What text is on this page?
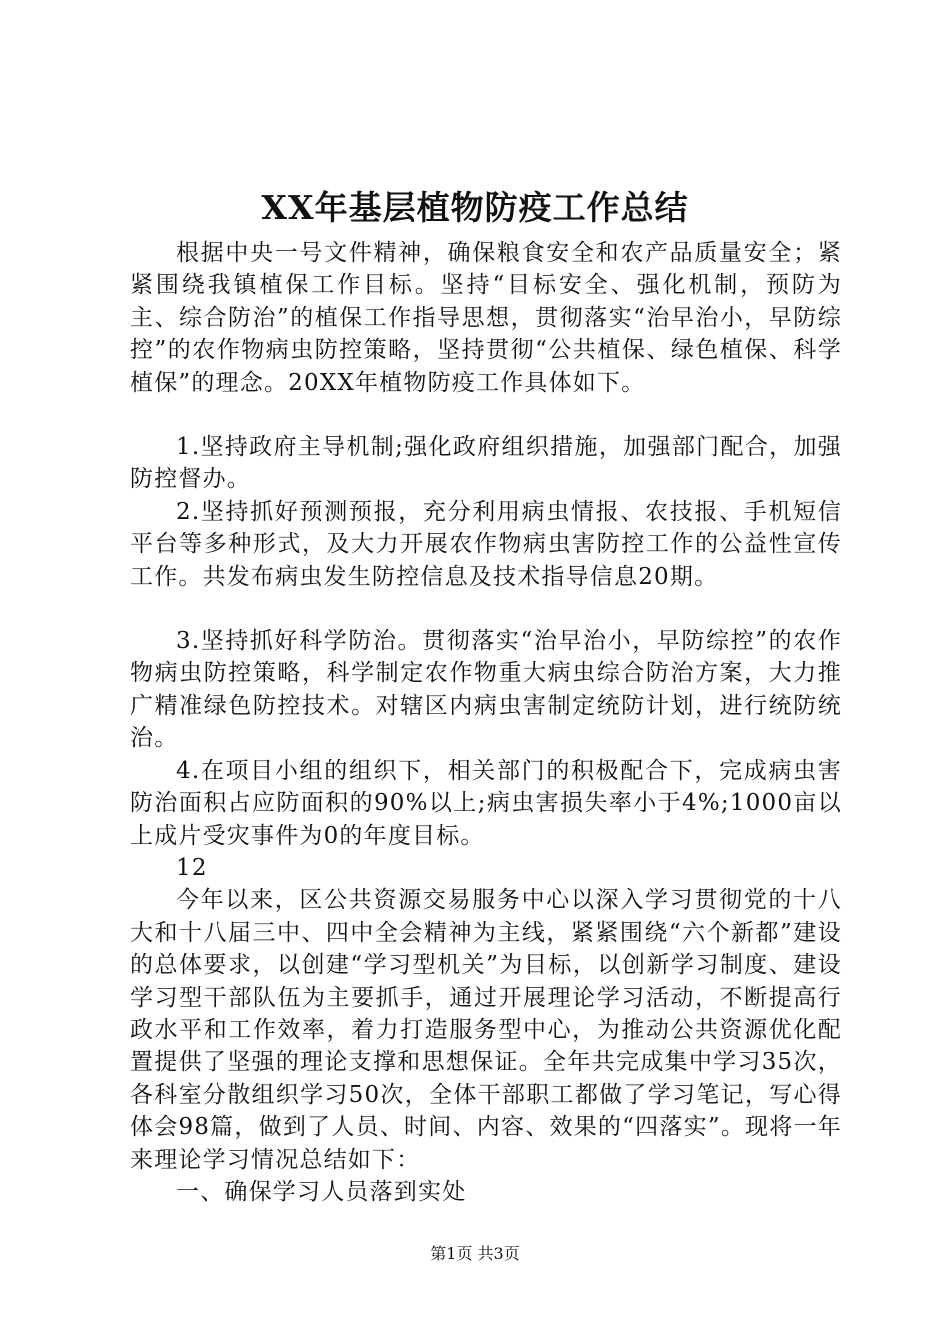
XX年基层植物防疫工作总结

根据中央一号文件精神，确保粮食安全和农产品质量安全；紧紧围绕我镇植保工作目标。坚持“目标安全、强化机制，预防为主、综合防治”的植保工作指导思想，贯彻落实“治早治小，早防综控”的农作物病虫防控策略，坚持贯彻“公共植保、绿色植保、科学植保”的理念。20XX年植物防疫工作具体如下。

1.坚持政府主导机制;强化政府组织措施，加强部门配合，加强防控督办。

2.坚持抓好预测预报，充分利用病虫情报、农技报、手机短信平台等多种形式，及大力开展农作物病虫害防控工作的公益性宣传工作。共发布病虫发生防控信息及技术指导信息20期。

3.坚持抓好科学防治。贯彻落实“治早治小，早防综控”的农作物病虫防控策略，科学制定农作物重大病虫综合防治方案，大力推广精准绿色防控技术。对辖区内病虫害制定统防计划，进行统防统治。

4.在项目小组的组织下，相关部门的积极配合下，完成病虫害防治面积占应防面积的90%以上;病虫害损失率小于4%;1000亩以上成片受灾事件为0的年度目标。

12

今年以来，区公共资源交易服务中心以深入学习贯彻党的十八大和十八届三中、四中全会精神为主线，紧紧围绕“六个新都”建设的总体要求，以创建“学习型机关”为目标，以创新学习制度、建设学习型干部队伍为主要抓手，通过开展理论学习活动，不断提高行政水平和工作效率，着力打造服务型中心，为推动公共资源优化配置提供了坚强的理论支撑和思想保证。全年共完成集中学习35次，各科室分散组织学习50次，全体干部职工都做了学习笔记，写心得体会98篇，做到了人员、时间、内容、效果的“四落实”。现将一年来理论学习情况总结如下：

一、确保学习人员落到实处

第1页 共3页
